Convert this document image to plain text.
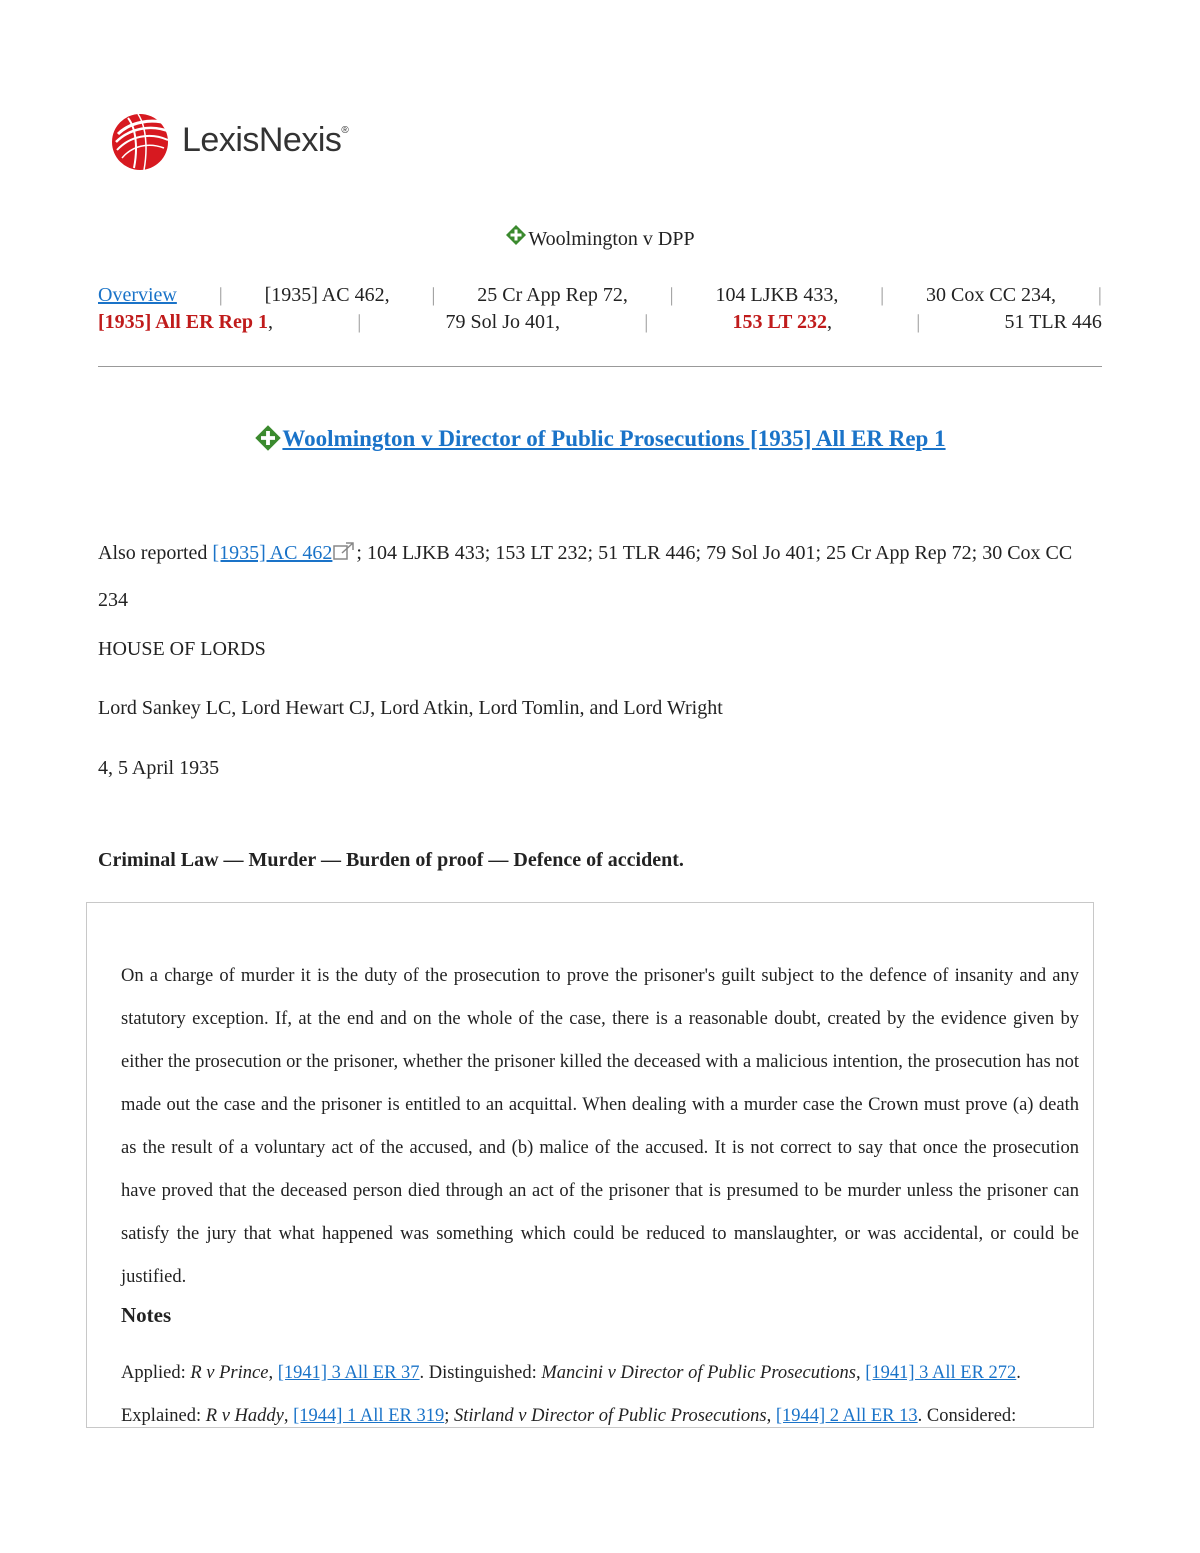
LexisNexis®
Woolmington v DPP
Overview | [1935] AC 462, | 25 Cr App Rep 72, | 104 LJKB 433, | 30 Cox CC 234, |
[1935] All ER Rep 1,	|	79 Sol Jo 401,	|	153 LT 232,	|	51 TLR 446
Woolmington v Director of Public Prosecutions [1935] All ER Rep 1
Also reported [1935] AC 462 ; 104 LJKB 433; 153 LT 232; 51 TLR 446; 79 Sol Jo 401; 25 Cr App Rep 72; 30 Cox CC 234
HOUSE OF LORDS
Lord Sankey LC, Lord Hewart CJ, Lord Atkin, Lord Tomlin, and Lord Wright
4, 5 April 1935
Criminal Law — Murder — Burden of proof — Defence of accident.
On a charge of murder it is the duty of the prosecution to prove the prisoner's guilt subject to the defence of insanity and any statutory exception. If, at the end and on the whole of the case, there is a reasonable doubt, created by the evidence given by either the prosecution or the prisoner, whether the prisoner killed the deceased with a malicious intention, the prosecution has not made out the case and the prisoner is entitled to an acquittal. When dealing with a murder case the Crown must prove (a) death as the result of a voluntary act of the accused, and (b) malice of the accused. It is not correct to say that once the prosecution have proved that the deceased person died through an act of the prisoner that is presumed to be murder unless the prisoner can satisfy the jury that what happened was something which could be reduced to manslaughter, or was accidental, or could be justified.
Notes
Applied: R v Prince, [1941] 3 All ER 37. Distinguished: Mancini v Director of Public Prosecutions, [1941] 3 All ER 272.
Explained: R v Haddy, [1944] 1 All ER 319; Stirland v Director of Public Prosecutions, [1944] 2 All ER 13. Considered:
